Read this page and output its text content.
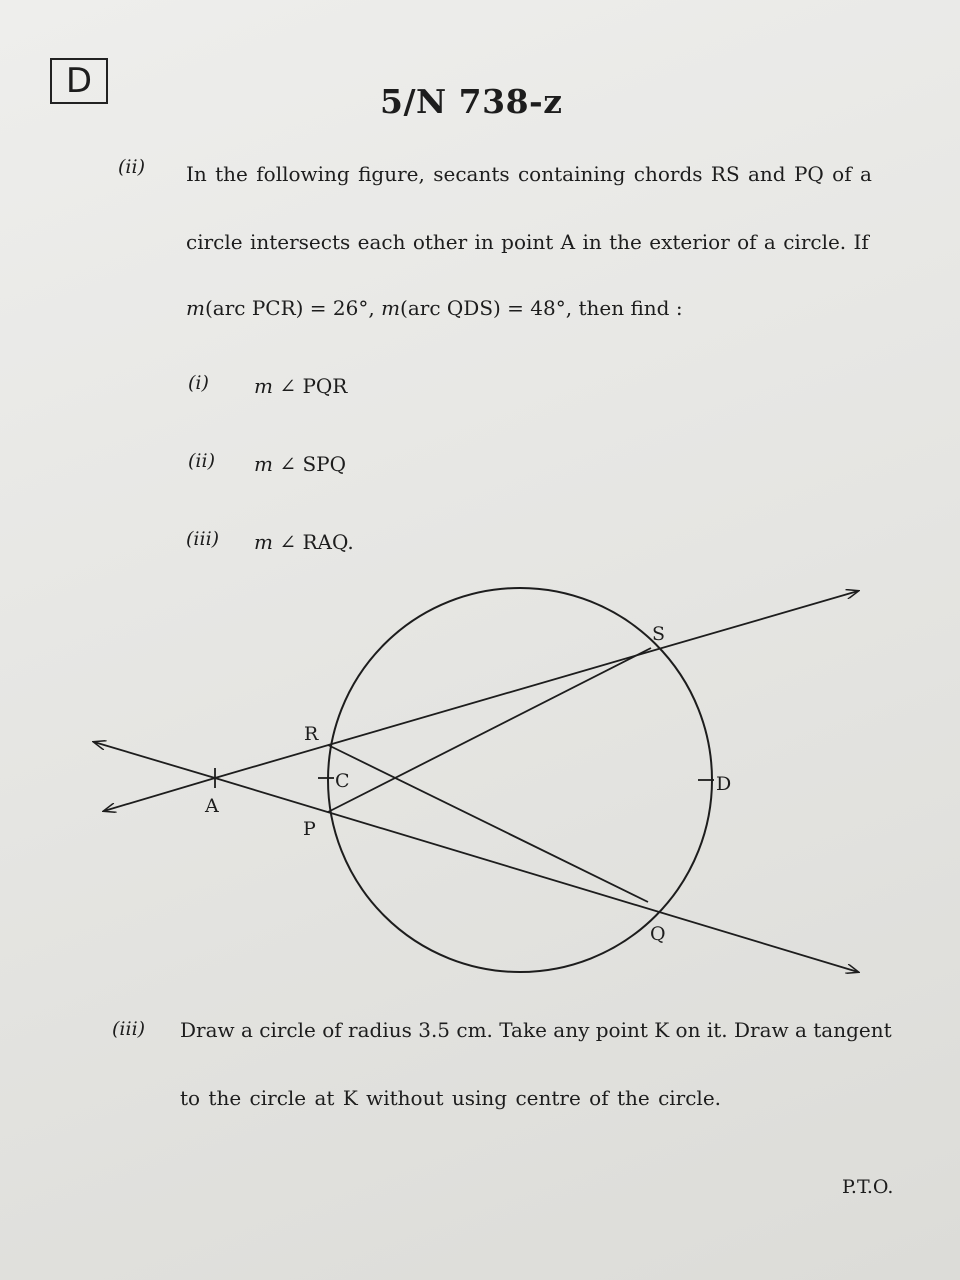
D
5/N 738-z
(ii) In the following figure, secants containing chords RS and PQ of a
circle intersects each other in point A in the exterior of a circle. If
m(arc PCR) = 26°, m(arc QDS) = 48°, then find :
(i) m ∠ PQR
(ii) m ∠ SPQ
(iii) m ∠ RAQ.
A
R
P
C
S
D
Q
(iii) Draw a circle of radius 3.5 cm. Take any point K on it. Draw a tangent
to the circle at K without using centre of the circle.
P.T.O.
